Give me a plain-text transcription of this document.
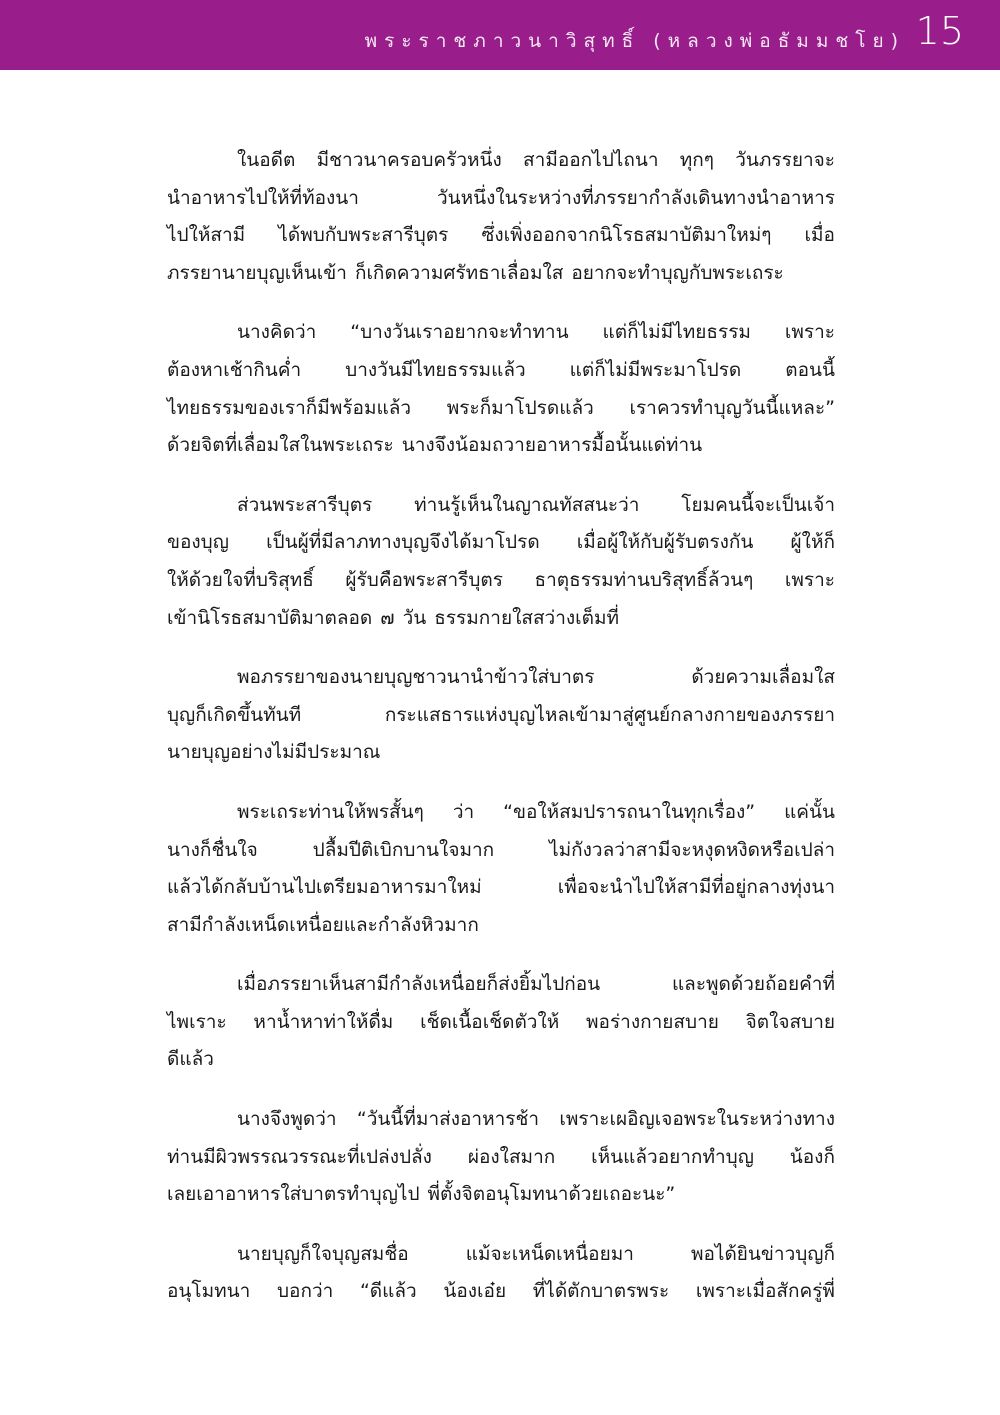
พระราชภาวนาวิสุทธิ์ (หลวงพ่อธัมมชโย) 15
ในอดีต มีชาวนาครอบครัวหนึ่ง สามีออกไปไถนา ทุกๆ วันภรรยาจะ
นำอาหารไปให้ที่ท้องนา	วันหนึ่งในระหว่างที่ภรรยากำลังเดินทางนำอาหาร
ไปให้สามี ได้พบกับพระสารีบุตร ซึ่งเพิ่งออกจากนิโรธสมาบัติมาใหม่ๆ เมื่อ
ภรรยานายบุญเห็นเข้า ก็เกิดความศรัทธาเลื่อมใส อยากจะทำบุญกับพระเถระ
นางคิดว่า “บางวันเราอยากจะทำทาน แต่ก็ไม่มีไทยธรรม เพราะ
ต้องหาเช้ากินค่ำ บางวันมีไทยธรรมแล้ว แต่ก็ไม่มีพระมาโปรด ตอนนี้
ไทยธรรมของเราก็มีพร้อมแล้ว พระก็มาโปรดแล้ว เราควรทำบุญวันนี้แหละ”
ด้วยจิตที่เลื่อมใสในพระเถระ นางจึงน้อมถวายอาหารมื้อนั้นแด่ท่าน
ส่วนพระสารีบุตร ท่านรู้เห็นในญาณทัสสนะว่า โยมคนนี้จะเป็นเจ้า
ของบุญ เป็นผู้ที่มีลาภทางบุญจึงได้มาโปรด เมื่อผู้ให้กับผู้รับตรงกัน ผู้ให้ก็
ให้ด้วยใจที่บริสุทธิ์ ผู้รับคือพระสารีบุตร ธาตุธรรมท่านบริสุทธิ์ล้วนๆ เพราะ
เข้านิโรธสมาบัติมาตลอด ๗ วัน ธรรมกายใสสว่างเต็มที่
พอภรรยาของนายบุญชาวนานำข้าวใส่บาตร	ด้วยความเลื่อมใส
บุญก็เกิดขึ้นทันที	กระแสธารแห่งบุญไหลเข้ามาสู่ศูนย์กลางกายของภรรยา
นายบุญอย่างไม่มีประมาณ
พระเถระท่านให้พรสั้นๆ ว่า “ขอให้สมปรารถนาในทุกเรื่อง” แค่นั้น
นางก็ชื่นใจ	ปลื้มปีติเบิกบานใจมาก	ไม่กังวลว่าสามีจะหงุดหงิดหรือเปล่า
แล้วได้กลับบ้านไปเตรียมอาหารมาใหม่	เพื่อจะนำไปให้สามีที่อยู่กลางทุ่งนา
สามีกำลังเหน็ดเหนื่อยและกำลังหิวมาก
เมื่อภรรยาเห็นสามีกำลังเหนื่อยก็ส่งยิ้มไปก่อน	และพูดด้วยถ้อยคำที่
ไพเราะ หาน้ำหาท่าให้ดื่ม เช็ดเนื้อเช็ดตัวให้ พอร่างกายสบาย จิตใจสบาย
ดีแล้ว
นางจึงพูดว่า “วันนี้ที่มาส่งอาหารช้า เพราะเผอิญเจอพระในระหว่างทาง
ท่านมีผิวพรรณวรรณะที่เปล่งปลั่ง ผ่องใสมาก เห็นแล้วอยากทำบุญ น้องก็
เลยเอาอาหารใส่บาตรทำบุญไป พี่ตั้งจิตอนุโมทนาด้วยเถอะนะ”
นายบุญก็ใจบุญสมชื่อ	แม้จะเหน็ดเหนื่อยมา	พอได้ยินข่าวบุญก็
อนุโมทนา บอกว่า “ดีแล้ว น้องเอ๋ย ที่ได้ตักบาตรพระ เพราะเมื่อสักครู่พี่
